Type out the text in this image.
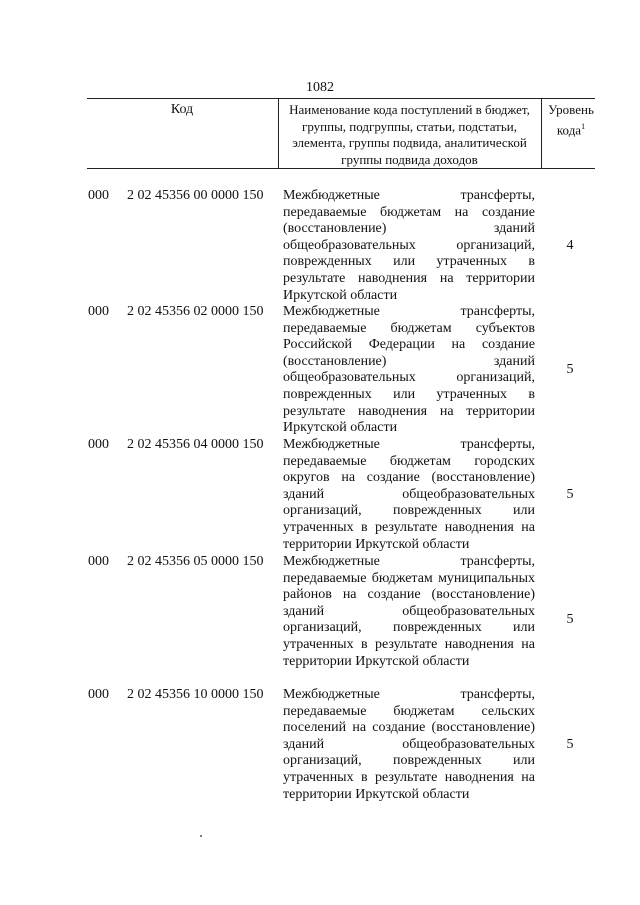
1082
Код	Наименование кода поступлений в бюджет, группы, подгруппы, статьи, подстатьи, элемента, группы подвида, аналитической группы подвида доходов
Уровень кода$^1$
000 2 02 45356 00 0000 150 Межбюджетные трансферты, передаваемые бюджетам на создание (восстановление) зданий общеобразовательных организаций, поврежденных или утраченных в результате наводнения на территории Иркутской области
4
000 2 02 45356 02 0000 150 Межбюджетные трансферты, передаваемые бюджетам субъектов Российской Федерации на создание (восстановление) зданий общеобразовательных организаций, поврежденных или утраченных в результате наводнения на территории Иркутской области
5
000 2 02 45356 04 0000 150 Межбюджетные трансферты, передаваемые бюджетам городских округов на создание (восстановление) зданий общеобразовательных организаций, поврежденных или утраченных в результате наводнения на территории Иркутской области
5
000 2 02 45356 05 0000 150 Межбюджетные трансферты, передаваемые бюджетам муниципальных районов на создание (восстановление) зданий общеобразовательных организаций, поврежденных или утраченных в результате наводнения на территории Иркутской области
5
000 2 02 45356 10 0000 150 Межбюджетные трансферты, передаваемые бюджетам сельских поселений на создание (восстановление) зданий общеобразовательных организаций, поврежденных или утраченных в результате наводнения на территории Иркутской области
5
